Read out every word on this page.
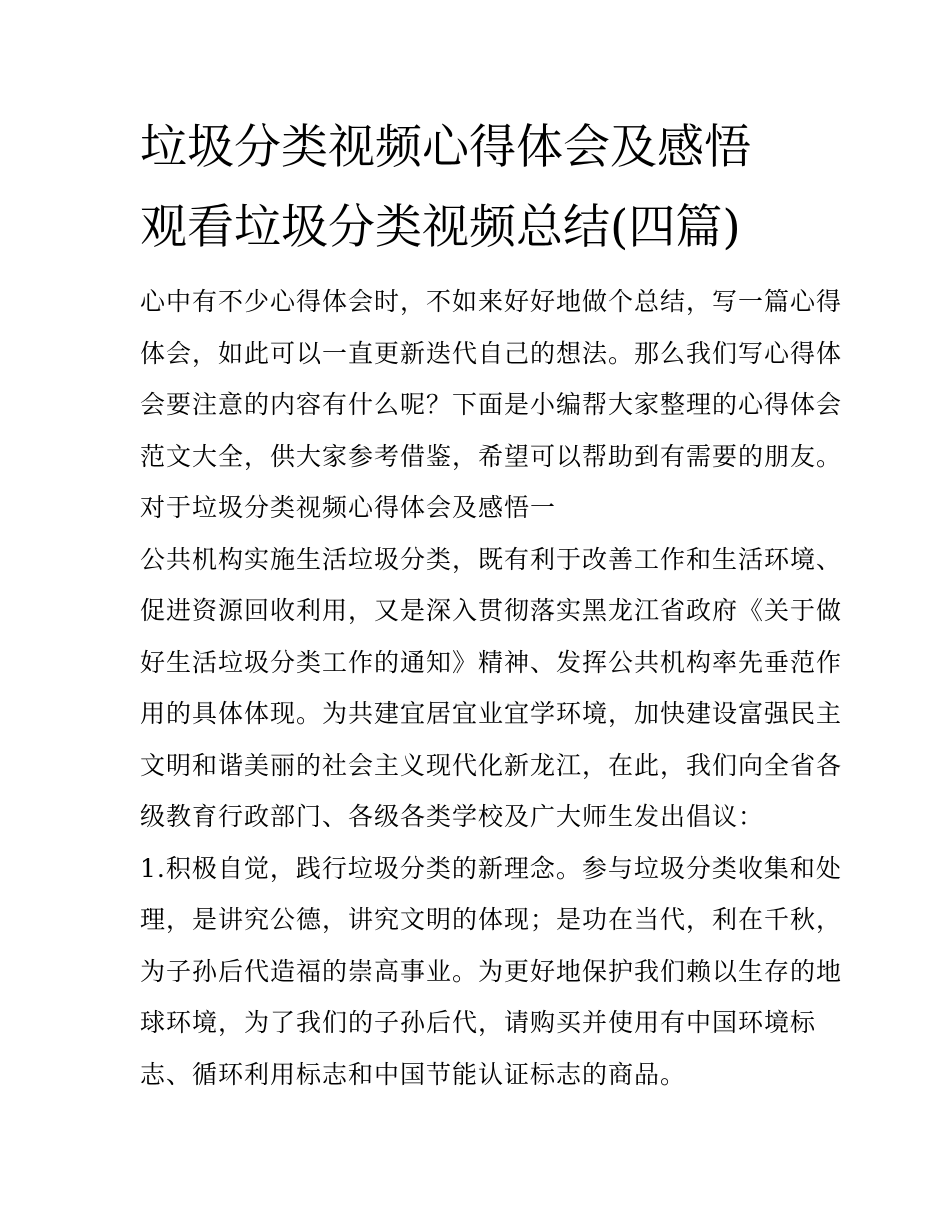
垃圾分类视频心得体会及感悟
观看垃圾分类视频总结(四篇)
心中有不少心得体会时，不如来好好地做个总结，写一篇心得
体会，如此可以一直更新迭代自己的想法。那么我们写心得体
会要注意的内容有什么呢？下面是小编帮大家整理的心得体会
范文大全，供大家参考借鉴，希望可以帮助到有需要的朋友。
对于垃圾分类视频心得体会及感悟一
公共机构实施生活垃圾分类，既有利于改善工作和生活环境、
促进资源回收利用，又是深入贯彻落实黑龙江省政府《关于做
好生活垃圾分类工作的通知》精神、发挥公共机构率先垂范作
用的具体体现。为共建宜居宜业宜学环境，加快建设富强民主
文明和谐美丽的社会主义现代化新龙江，在此，我们向全省各
级教育行政部门、各级各类学校及广大师生发出倡议：
1.积极自觉，践行垃圾分类的新理念。参与垃圾分类收集和处
理，是讲究公德，讲究文明的体现；是功在当代，利在千秋，
为子孙后代造福的崇高事业。为更好地保护我们赖以生存的地
球环境，为了我们的子孙后代，请购买并使用有中国环境标
志、循环利用标志和中国节能认证标志的商品。
